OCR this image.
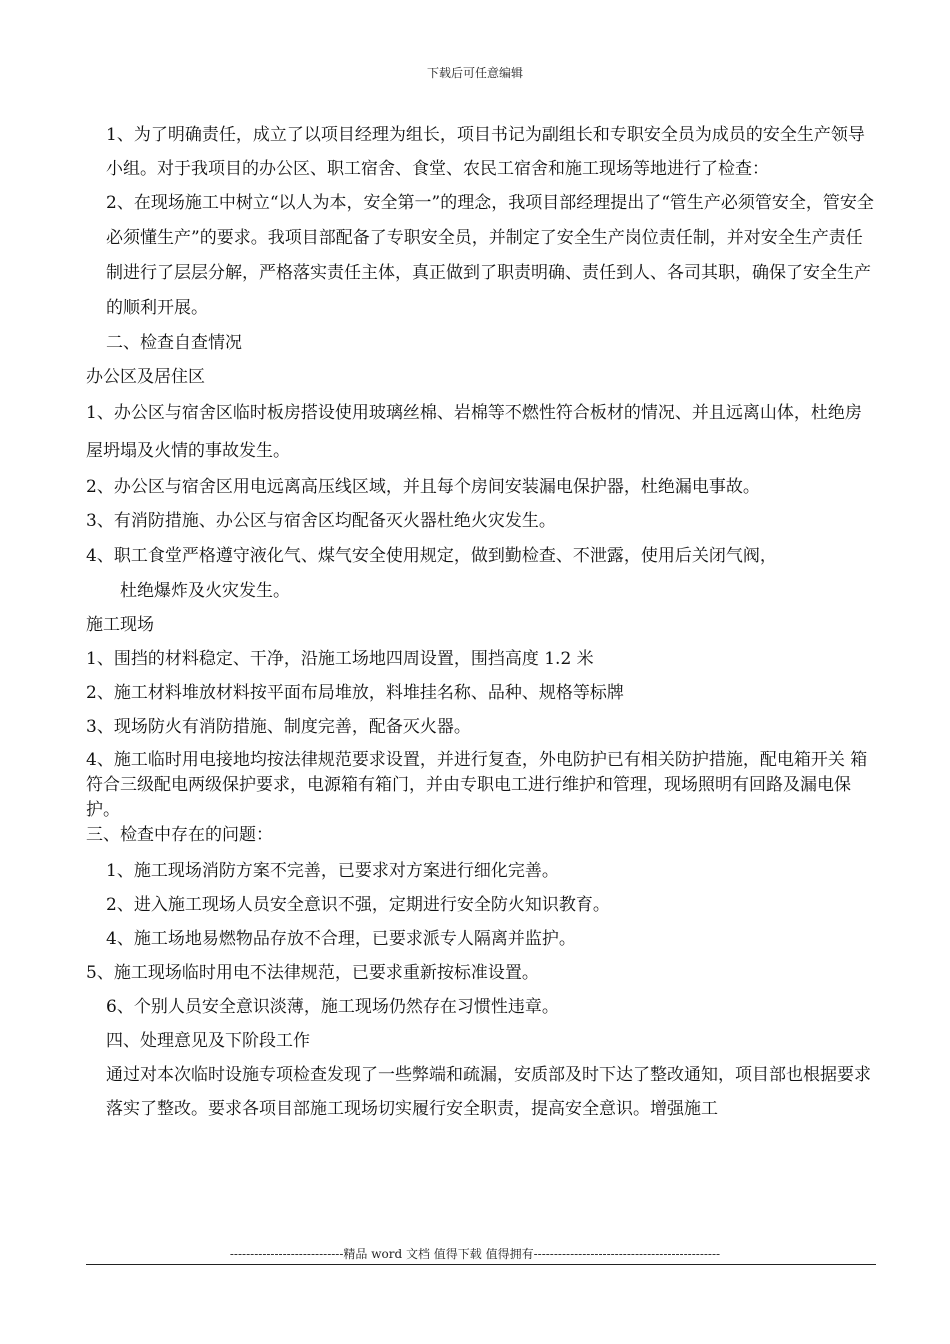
下载后可任意编辑

1、为了明确责任，成立了以项目经理为组长，项目书记为副组长和专职安全员为成员的安全生产领导小组。对于我项目的办公区、职工宿舍、食堂、农民工宿舍和施工现场等地进行了检查：

2、在现场施工中树立“以人为本，安全第一”的理念，我项目部经理提出了“管生产必须管安全，管安全必须懂生产”的要求。我项目部配备了专职安全员，并制定了安全生产岗位责任制，并对安全生产责任制进行了层层分解，严格落实责任主体，真正做到了职责明确、责任到人、各司其职，确保了安全生产的顺利开展。

二、检查自查情况

办公区及居住区

1、办公区与宿舍区临时板房搭设使用玻璃丝棉、岩棉等不燃性符合板材的情况、并且远离山体，杜绝房屋坍塌及火情的事故发生。

2、办公区与宿舍区用电远离高压线区域，并且每个房间安装漏电保护器，杜绝漏电事故。

3、有消防措施、办公区与宿舍区均配备灭火器杜绝火灾发生。

4、职工食堂严格遵守液化气、煤气安全使用规定，做到勤检查、不泄露，使用后关闭气阀，

杜绝爆炸及火灾发生。

施工现场

1、围挡的材料稳定、干净，沿施工场地四周设置，围挡高度 1.2 米

2、施工材料堆放材料按平面布局堆放，料堆挂名称、品种、规格等标牌

3、现场防火有消防措施、制度完善，配备灭火器。

4、施工临时用电接地均按法律规范要求设置，并进行复查，外电防护已有相关防护措施，配电箱开关 箱符合三级配电两级保护要求，电源箱有箱门，并由专职电工进行维护和管理，现场照明有回路及漏电保护。

三、检查中存在的问题：

1、施工现场消防方案不完善，已要求对方案进行细化完善。

2、进入施工现场人员安全意识不强，定期进行安全防火知识教育。

4、施工场地易燃物品存放不合理，已要求派专人隔离并监护。

5、施工现场临时用电不法律规范，已要求重新按标准设置。

6、个别人员安全意识淡薄，施工现场仍然存在习惯性违章。

四、处理意见及下阶段工作

通过对本次临时设施专项检查发现了一些弊端和疏漏，安质部及时下达了整改通知，项目部也根据要求落实了整改。要求各项目部施工现场切实履行安全职责，提高安全意识。增强施工

----------------------------精品 word 文档 值得下载 值得拥有----------------------------------------------
